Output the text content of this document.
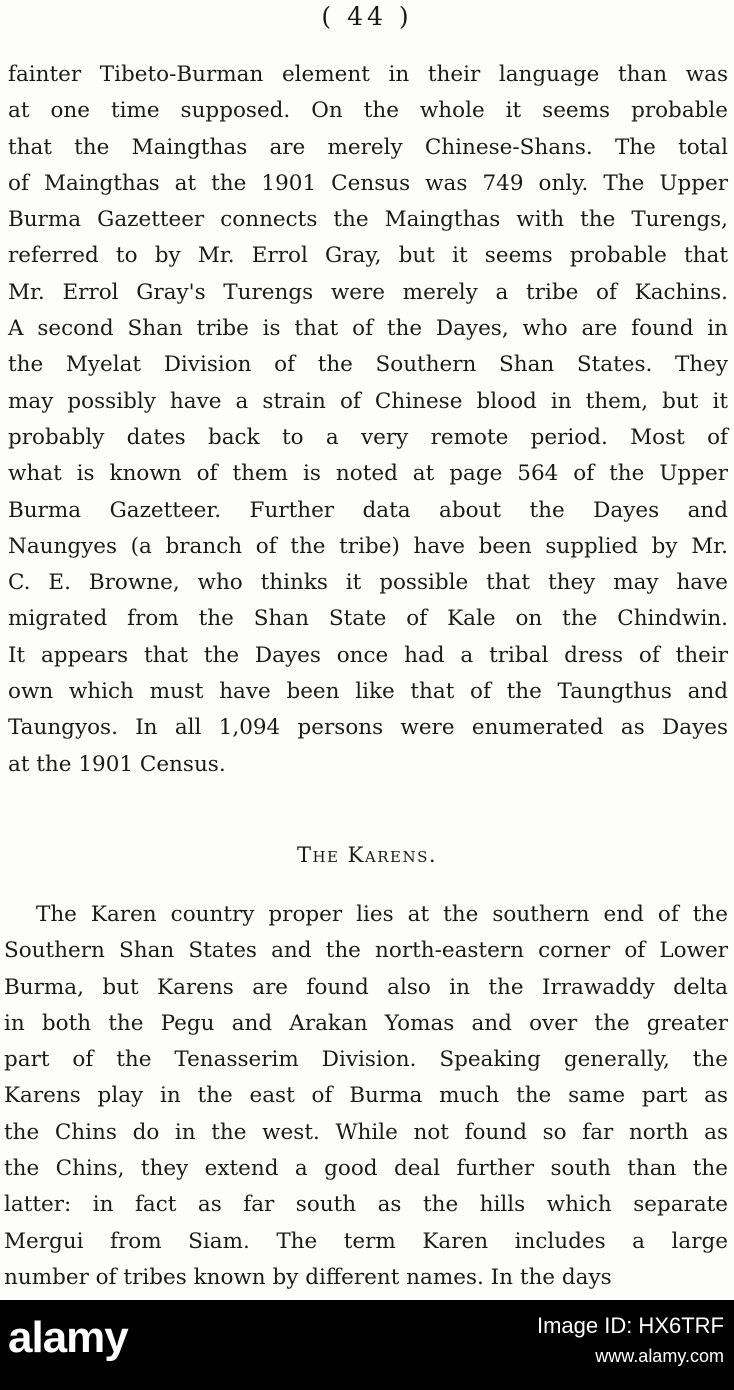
( 44 )
fainter Tibeto-Burman element in their language than was
at one time supposed. On the whole it seems probable
that the Maingthas are merely Chinese-Shans. The total
of Maingthas at the 1901 Census was 749 only. The Upper
Burma Gazetteer connects the Maingthas with the Turengs,
referred to by Mr. Errol Gray, but it seems probable that
Mr. Errol Gray's Turengs were merely a tribe of Kachins.
A second Shan tribe is that of the Dayes, who are found in
the Myelat Division of the Southern Shan States. They
may possibly have a strain of Chinese blood in them, but it
probably dates back to a very remote period. Most of
what is known of them is noted at page 564 of the Upper
Burma Gazetteer. Further data about the Dayes and
Naungyes (a branch of the tribe) have been supplied by Mr.
C. E. Browne, who thinks it possible that they may have
migrated from the Shan State of Kale on the Chindwin.
It appears that the Dayes once had a tribal dress of their
own which must have been like that of the Taungthus and
Taungyos. In all 1,094 persons were enumerated as Dayes
at the 1901 Census.
The Karens.
The Karen country proper lies at the southern end of the
Southern Shan States and the north-eastern corner of Lower
Burma, but Karens are found also in the Irrawaddy delta
in both the Pegu and Arakan Yomas and over the greater
part of the Tenasserim Division. Speaking generally, the
Karens play in the east of Burma much the same part as
the Chins do in the west. While not found so far north as
the Chins, they extend a good deal further south than the
latter: in fact as far south as the hills which separate
Mergui from Siam. The term Karen includes a large
number of tribes known by different names. In the days
alamy	Image ID: HX6TRF
www.alamy.com
